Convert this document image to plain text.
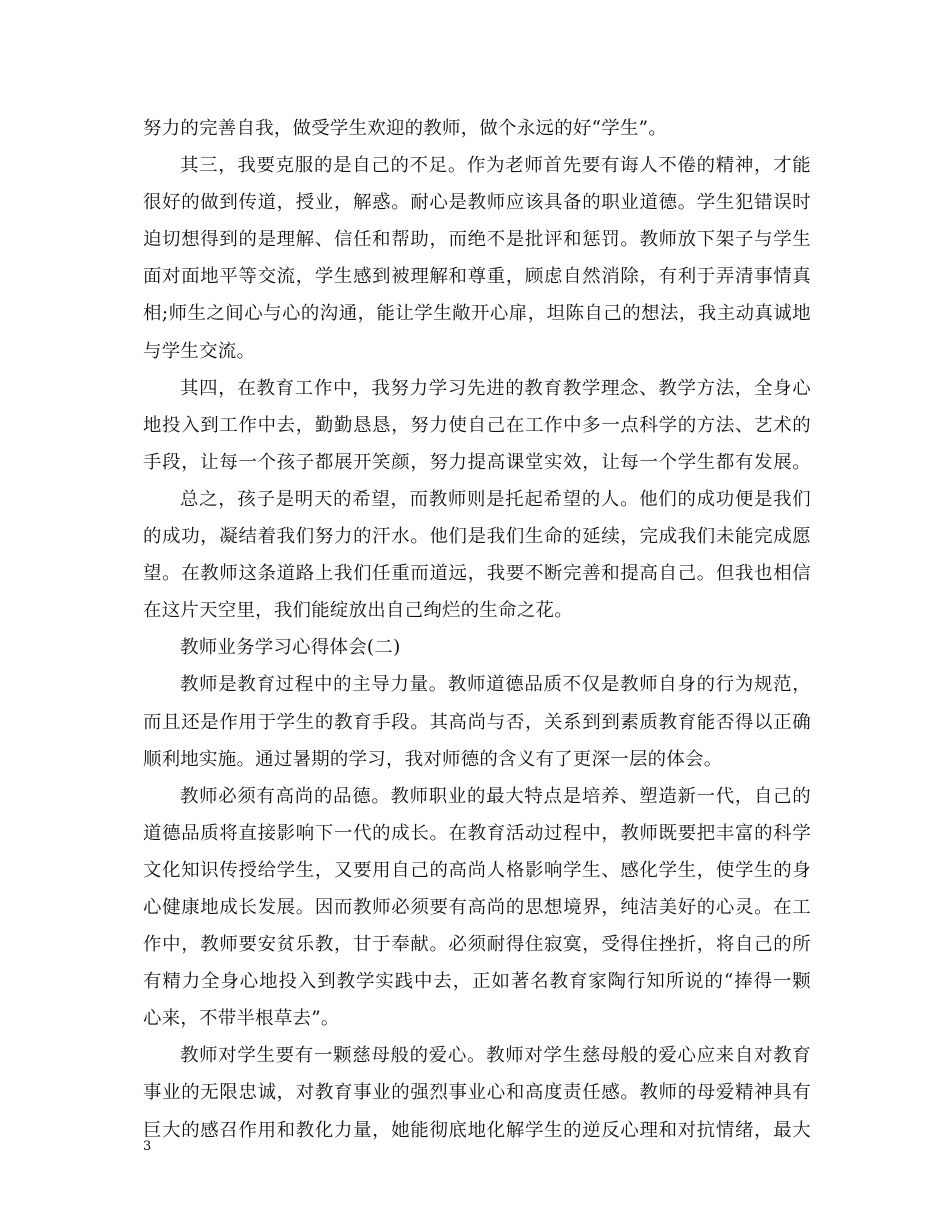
努力的完善自我，做受学生欢迎的教师，做个永远的好“学生”。
其三，我要克服的是自己的不足。作为老师首先要有诲人不倦的精神，才能
很好的做到传道，授业，解惑。耐心是教师应该具备的职业道德。学生犯错误时
迫切想得到的是理解、信任和帮助，而绝不是批评和惩罚。教师放下架子与学生
面对面地平等交流，学生感到被理解和尊重，顾虑自然消除，有利于弄清事情真
相;师生之间心与心的沟通，能让学生敞开心扉，坦陈自己的想法，我主动真诚地
与学生交流。
其四，在教育工作中，我努力学习先进的教育教学理念、教学方法，全身心
地投入到工作中去，勤勤恳恳，努力使自己在工作中多一点科学的方法、艺术的
手段，让每一个孩子都展开笑颜，努力提高课堂实效，让每一个学生都有发展。
总之，孩子是明天的希望，而教师则是托起希望的人。他们的成功便是我们
的成功，凝结着我们努力的汗水。他们是我们生命的延续，完成我们未能完成愿
望。在教师这条道路上我们任重而道远，我要不断完善和提高自己。但我也相信
在这片天空里，我们能绽放出自己绚烂的生命之花。
教师业务学习心得体会(二)
教师是教育过程中的主导力量。教师道德品质不仅是教师自身的行为规范，
而且还是作用于学生的教育手段。其高尚与否，关系到到素质教育能否得以正确
顺利地实施。通过暑期的学习，我对师德的含义有了更深一层的体会。
教师必须有高尚的品德。教师职业的最大特点是培养、塑造新一代，自己的
道德品质将直接影响下一代的成长。在教育活动过程中，教师既要把丰富的科学
文化知识传授给学生，又要用自己的高尚人格影响学生、感化学生，使学生的身
心健康地成长发展。因而教师必须要有高尚的思想境界，纯洁美好的心灵。在工
作中，教师要安贫乐教，甘于奉献。必须耐得住寂寞，受得住挫折，将自己的所
有精力全身心地投入到教学实践中去，正如著名教育家陶行知所说的“捧得一颗
心来，不带半根草去”。
教师对学生要有一颗慈母般的爱心。教师对学生慈母般的爱心应来自对教育
事业的无限忠诚，对教育事业的强烈事业心和高度责任感。教师的母爱精神具有
巨大的感召作用和教化力量，她能彻底地化解学生的逆反心理和对抗情绪，最大
3
